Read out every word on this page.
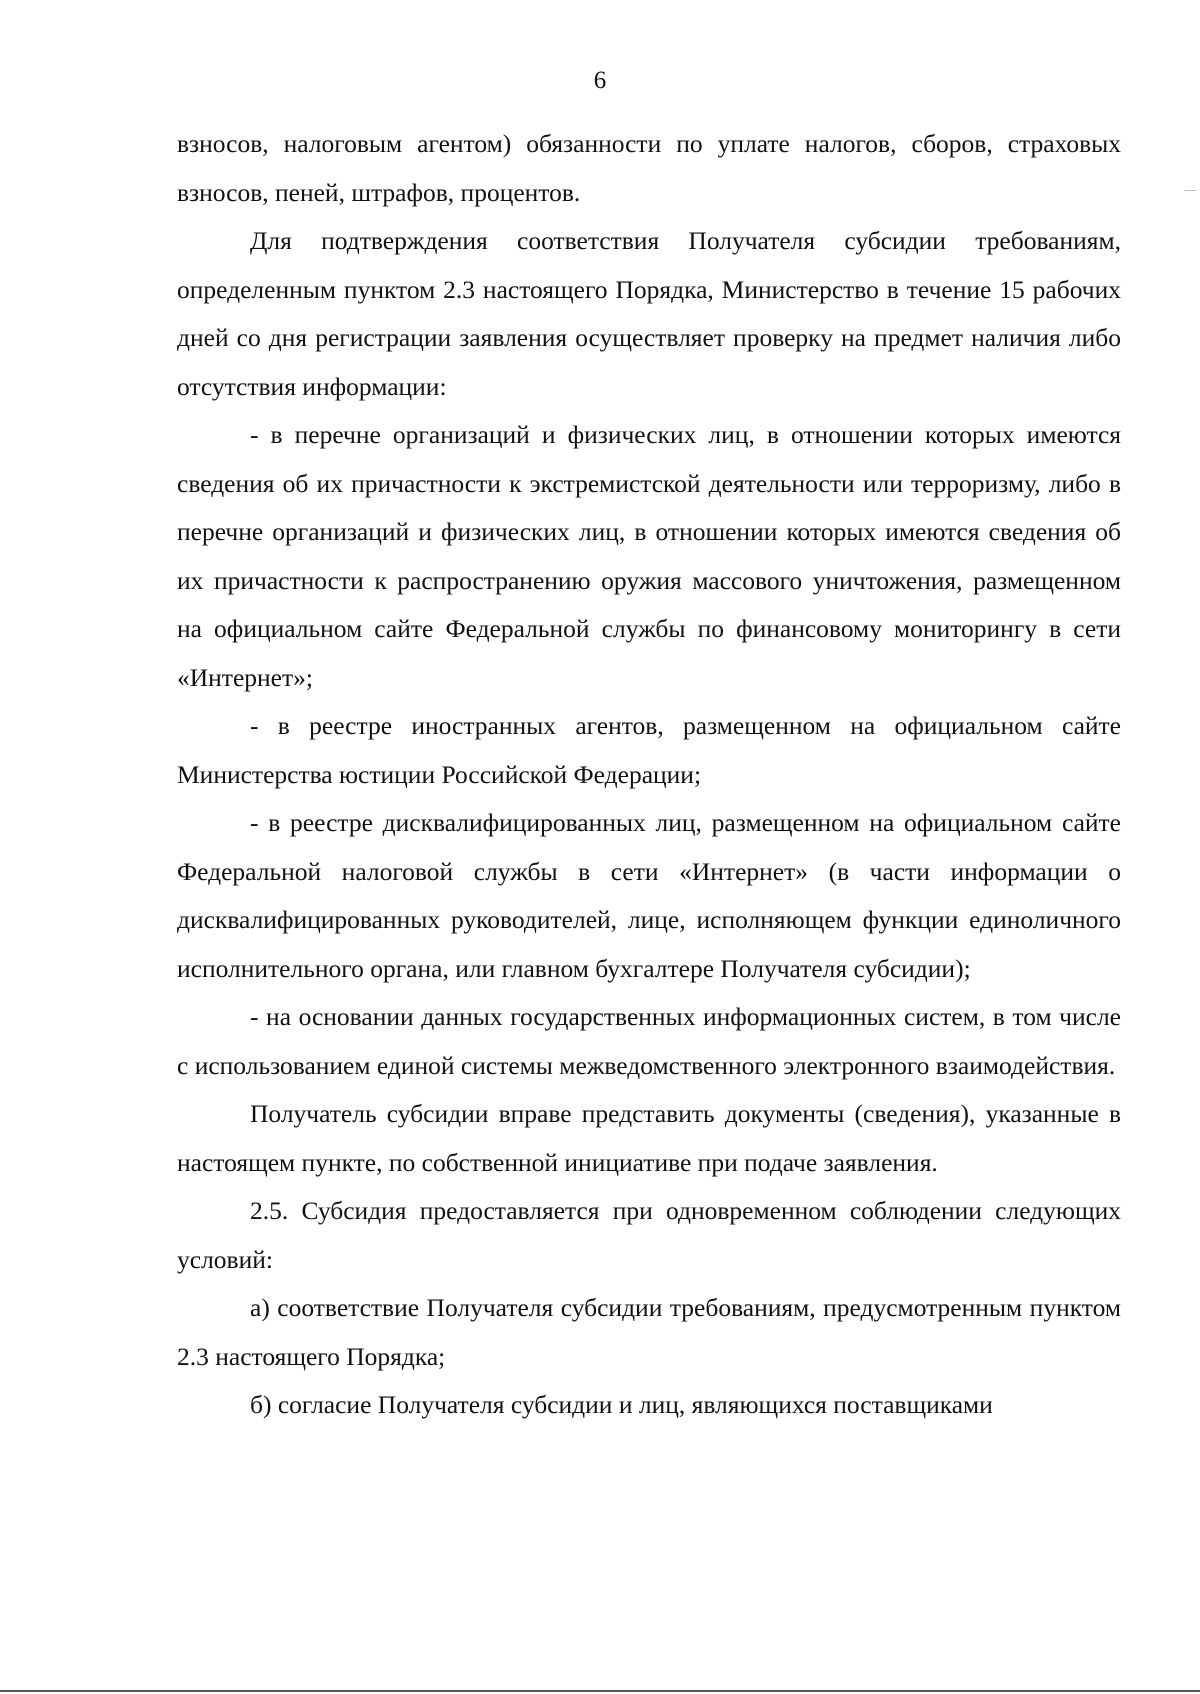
6

взносов, налоговым агентом) обязанности по уплате налогов, сборов, страховых взносов, пеней, штрафов, процентов.

Для подтверждения соответствия Получателя субсидии требованиям, определенным пунктом 2.3 настоящего Порядка, Министерство в течение 15 рабочих дней со дня регистрации заявления осуществляет проверку на предмет наличия либо отсутствия информации:

- в перечне организаций и физических лиц, в отношении которых имеются сведения об их причастности к экстремистской деятельности или терроризму, либо в перечне организаций и физических лиц, в отношении которых имеются сведения об их причастности к распространению оружия массового уничтожения, размещенном на официальном сайте Федеральной службы по финансовому мониторингу в сети «Интернет»;

- в реестре иностранных агентов, размещенном на официальном сайте Министерства юстиции Российской Федерации;

- в реестре дисквалифицированных лиц, размещенном на официальном сайте Федеральной налоговой службы в сети «Интернет» (в части информации о дисквалифицированных руководителей, лице, исполняющем функции единоличного исполнительного органа, или главном бухгалтере Получателя субсидии);

- на основании данных государственных информационных систем, в том числе с использованием единой системы межведомственного электронного взаимодействия.

Получатель субсидии вправе представить документы (сведения), указанные в настоящем пункте, по собственной инициативе при подаче заявления.

2.5. Субсидия предоставляется при одновременном соблюдении следующих условий:

а) соответствие Получателя субсидии требованиям, предусмотренным пунктом 2.3 настоящего Порядка;

б) согласие Получателя субсидии и лиц, являющихся поставщиками
